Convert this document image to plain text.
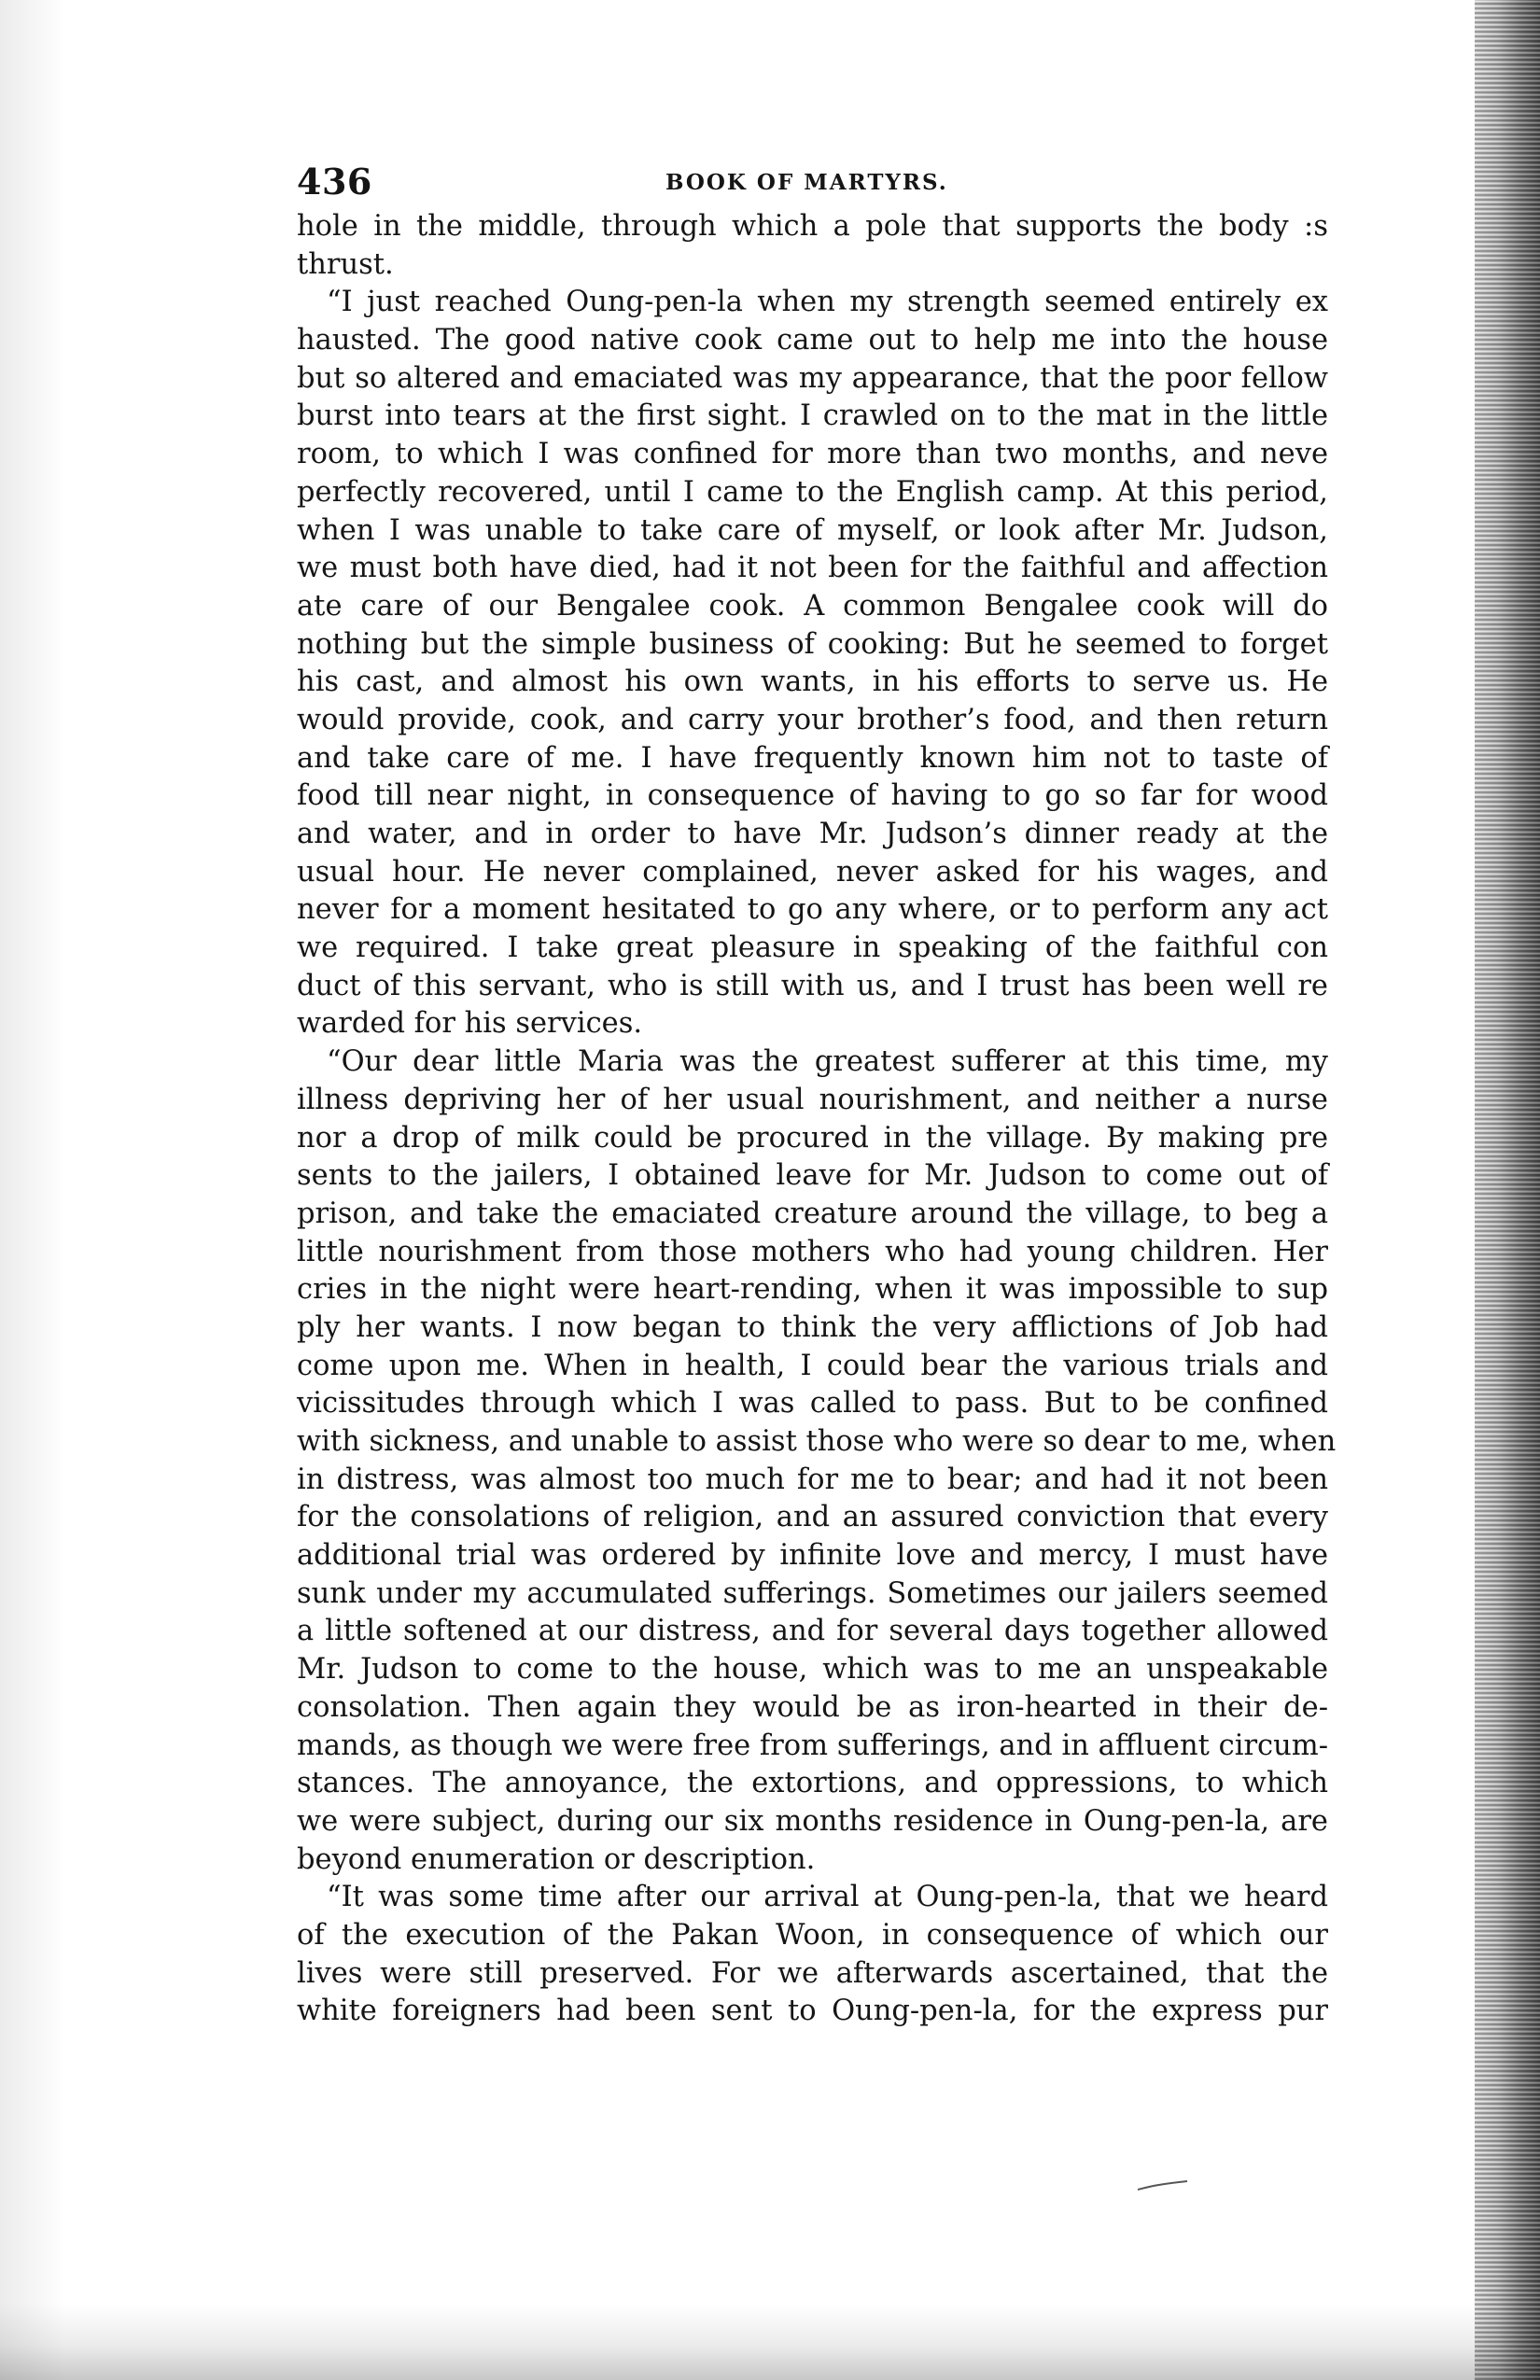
436	BOOK OF MARTYRS.
hole in the middle, through which a pole that supports the body :s
thrust.
“I just reached Oung-pen-la when my strength seemed entirely ex
hausted. The good native cook came out to help me into the house
but so altered and emaciated was my appearance, that the poor fellow
burst into tears at the first sight. I crawled on to the mat in the little
room, to which I was confined for more than two months, and neve
perfectly recovered, until I came to the English camp. At this period,
when I was unable to take care of myself, or look after Mr. Judson,
we must both have died, had it not been for the faithful and affection
ate care of our Bengalee cook. A common Bengalee cook will do
nothing but the simple business of cooking: But he seemed to forget
his cast, and almost his own wants, in his efforts to serve us. He
would provide, cook, and carry your brother’s food, and then return
and take care of me. I have frequently known him not to taste of
food till near night, in consequence of having to go so far for wood
and water, and in order to have Mr. Judson’s dinner ready at the
usual hour. He never complained, never asked for his wages, and
never for a moment hesitated to go any where, or to perform any act
we required. I take great pleasure in speaking of the faithful con
duct of this servant, who is still with us, and I trust has been well re
warded for his services.
“Our dear little Maria was the greatest sufferer at this time, my
illness depriving her of her usual nourishment, and neither a nurse
nor a drop of milk could be procured in the village. By making pre
sents to the jailers, I obtained leave for Mr. Judson to come out of
prison, and take the emaciated creature around the village, to beg a
little nourishment from those mothers who had young children. Her
cries in the night were heart-rending, when it was impossible to sup
ply her wants. I now began to think the very afflictions of Job had
come upon me. When in health, I could bear the various trials and
vicissitudes through which I was called to pass. But to be confined
with sickness, and unable to assist those who were so dear to me, when
in distress, was almost too much for me to bear; and had it not been
for the consolations of religion, and an assured conviction that every
additional trial was ordered by infinite love and mercy, I must have
sunk under my accumulated sufferings. Sometimes our jailers seemed
a little softened at our distress, and for several days together allowed
Mr. Judson to come to the house, which was to me an unspeakable
consolation. Then again they would be as iron-hearted in their de-
mands, as though we were free from sufferings, and in affluent circum-
stances. The annoyance, the extortions, and oppressions, to which
we were subject, during our six months residence in Oung-pen-la, are
beyond enumeration or description.
“It was some time after our arrival at Oung-pen-la, that we heard
of the execution of the Pakan Woon, in consequence of which our
lives were still preserved. For we afterwards ascertained, that the
white foreigners had been sent to Oung-pen-la, for the express pur
